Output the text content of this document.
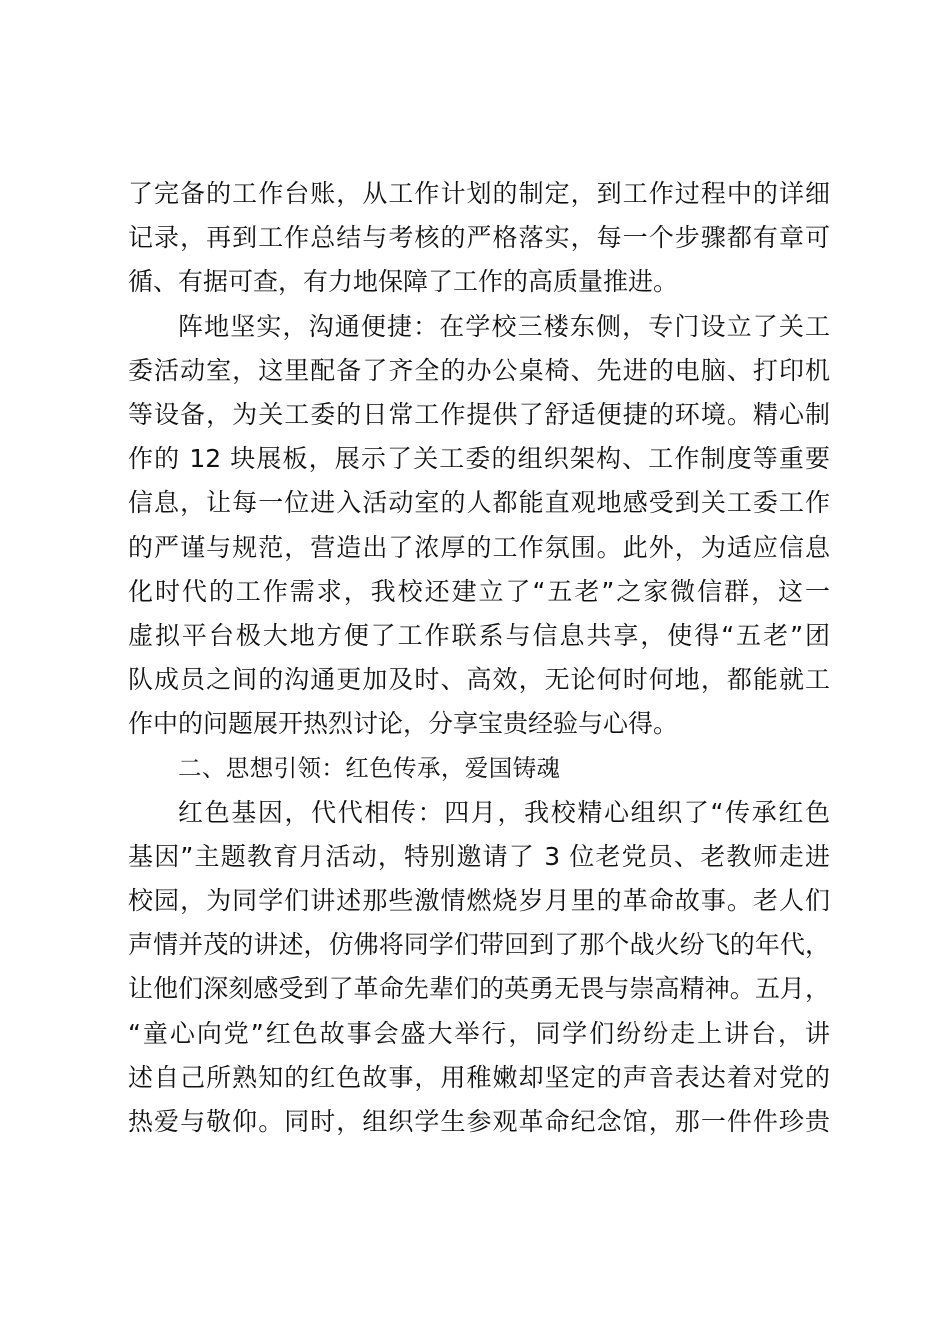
了完备的工作台账，从工作计划的制定，到工作过程中的详细
记录，再到工作总结与考核的严格落实，每一个步骤都有章可
循、有据可查，有力地保障了工作的高质量推进。
阵地坚实，沟通便捷：在学校三楼东侧，专门设立了关工
委活动室，这里配备了齐全的办公桌椅、先进的电脑、打印机
等设备，为关工委的日常工作提供了舒适便捷的环境。精心制
作的 12 块展板，展示了关工委的组织架构、工作制度等重要
信息，让每一位进入活动室的人都能直观地感受到关工委工作
的严谨与规范，营造出了浓厚的工作氛围。此外，为适应信息
化时代的工作需求，我校还建立了“五老”之家微信群，这一
虚拟平台极大地方便了工作联系与信息共享，使得“五老”团
队成员之间的沟通更加及时、高效，无论何时何地，都能就工
作中的问题展开热烈讨论，分享宝贵经验与心得。
二、思想引领：红色传承，爱国铸魂
红色基因，代代相传：四月，我校精心组织了“传承红色
基因”主题教育月活动，特别邀请了 3 位老党员、老教师走进
校园，为同学们讲述那些激情燃烧岁月里的革命故事。老人们
声情并茂的讲述，仿佛将同学们带回到了那个战火纷飞的年代，
让他们深刻感受到了革命先辈们的英勇无畏与崇高精神。五月，
“童心向党”红色故事会盛大举行，同学们纷纷走上讲台，讲
述自己所熟知的红色故事，用稚嫩却坚定的声音表达着对党的
热爱与敬仰。同时，组织学生参观革命纪念馆，那一件件珍贵
